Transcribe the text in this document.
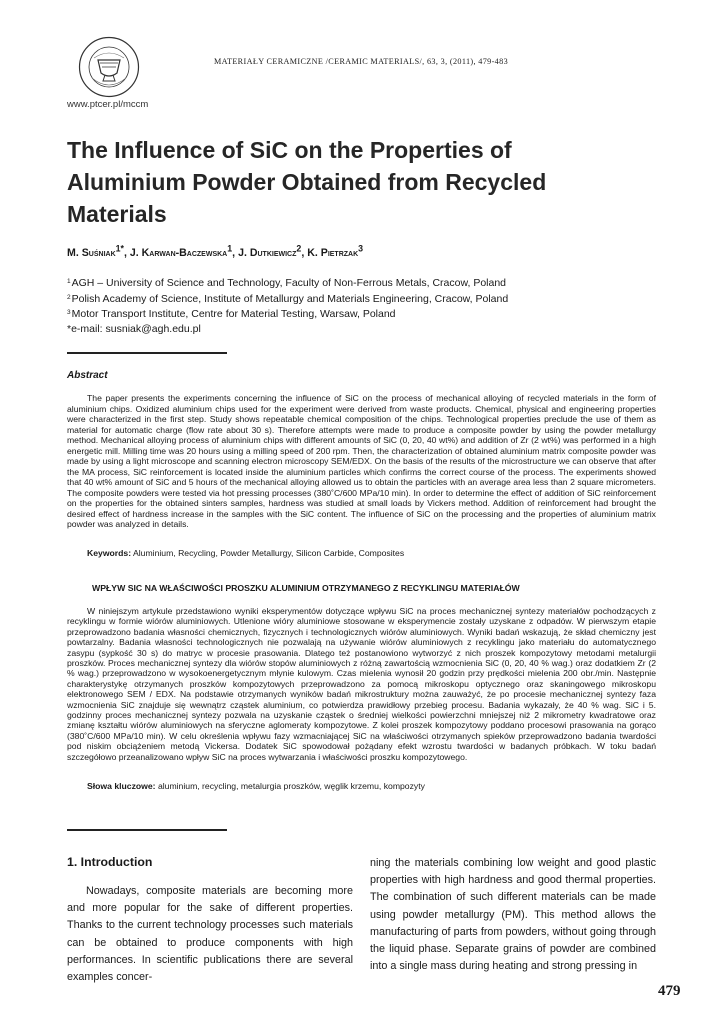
www.ptcer.pl/mccm
MATERIAŁY CERAMICZNE /CERAMIC MATERIALS/, 63, 3, (2011), 479-483
The Influence of SiC on the Properties of Aluminium Powder Obtained from Recycled Materials
M. Suśniak$^{1*}$, J. Karwan-Baczewska$^1$, J. Dutkiewicz$^2$, K. Pietrzak$^3$
$^1$AGH – University of Science and Technology, Faculty of Non-Ferrous Metals, Cracow, Poland
$^2$Polish Academy of Science, Institute of Metallurgy and Materials Engineering, Cracow, Poland
$^3$Motor Transport Institute, Centre for Material Testing, Warsaw, Poland
*e-mail: susniak@agh.edu.pl
Abstract

The paper presents the experiments concerning the influence of SiC on the process of mechanical alloying of recycled materials in the form of aluminium chips. Oxidized aluminium chips used for the experiment were derived from waste products. Chemical, physical and engineering properties were characterized in the first step. Study shows repeatable chemical composition of the chips. Technological properties preclude the use of them as material for automatic charge (flow rate about 30 s). Therefore attempts were made to produce a composite powder by using the powder metallurgy method. Mechanical alloying process of aluminium chips with different amounts of SiC (0, 20, 40 wt%) and addition of Zr (2 wt%) was performed in a high energetic mill. Milling time was 20 hours using a milling speed of 200 rpm. Then, the characterization of obtained aluminium matrix composite powder was made by using a light microscope and scanning electron microscopy SEM/EDX. On the basis of the results of the microstructure we can observe that after the MA process, SiC reinforcement is located inside the aluminium particles which confirms the correct course of the process. The experiments showed that 40 wt% amount of SiC and 5 hours of the mechanical alloying allowed us to obtain the particles with an average area less than 2 square micrometers. The composite powders were tested via hot pressing processes (380˚C/600 MPa/10 min). In order to determine the effect of addition of SiC reinforcement on the properties for the obtained sinters samples, hardness was studied at small loads by Vickers method. Addition of reinforcement had brought the desired effect of hardness increase in the samples with the SiC content. The influence of SiC on the processing and the properties of aluminium matrix powder was analyzed in details.

Keywords: Aluminium, Recycling, Powder Metallurgy, Silicon Carbide, Composites
WPŁYW SIC NA WŁAŚCIWOŚCI PROSZKU ALUMINIUM OTRZYMANEGO Z RECYKLINGU MATERIAŁÓW

W niniejszym artykule przedstawiono wyniki eksperymentów dotyczące wpływu SiC na proces mechanicznej syntezy materiałów pochodzących z recyklingu w formie wiórów aluminiowych. Utlenione wióry aluminiowe stosowane w eksperymencie zostały uzyskane z odpadów. W pierwszym etapie przeprowadzono badania własności chemicznych, fizycznych i technologicznych wiórów aluminiowych. Wyniki badań wskazują, że skład chemiczny jest powtarzalny. Badania własności technologicznych nie pozwalają na używanie wiórów aluminiowych z recyklingu jako materiału do automatycznego zasypu (sypkość 30 s) do matryc w procesie prasowania. Dlatego też postanowiono wytworzyć z nich proszek kompozytowy metodami metalurgii proszków. Proces mechanicznej syntezy dla wiórów stopów aluminiowych z różną zawartością wzmocnienia SiC (0, 20, 40 % wag.) oraz dodatkiem Zr (2 % wag.) przeprowadzono w wysokoenergetycznym młynie kulowym. Czas mielenia wynosił 20 godzin przy prędkości mielenia 200 obr./min. Następnie charakterystykę otrzymanych proszków kompozytowych przeprowadzono za pomocą mikroskopu optycznego oraz skaningowego mikroskopu elektronowego SEM / EDX. Na podstawie otrzymanych wyników badań mikrostruktury można zauważyć, że po procesie mechanicznej syntezy faza wzmocnienia SiC znajduje się wewnątrz cząstek aluminium, co potwierdza prawidłowy przebieg procesu. Badania wykazały, że 40 % wag. SiC i 5. godzinny proces mechanicznej syntezy pozwala na uzyskanie cząstek o średniej wielkości powierzchni mniejszej niż 2 mikrometry kwadratowe oraz zmianę kształtu wiórów aluminiowych na sferyczne aglomeraty kompozytowe. Z kolei proszek kompozytowy poddano procesowi prasowania na gorąco (380˚C/600 MPa/10 min). W celu określenia wpływu fazy wzmacniającej SiC na właściwości otrzymanych spieków przeprowadzono badania twardości pod niskim obciążeniem metodą Vickersa. Dodatek SiC spowodował pożądany efekt wzrostu twardości w badanych próbkach. W toku badań szczegółowo przeanalizowano wpływ SiC na proces wytwarzania i właściwości proszku kompozytowego.

Słowa kluczowe: aluminium, recycling, metalurgia proszków, węglik krzemu, kompozyty
1. Introduction

Nowadays, composite materials are becoming more and more popular for the sake of different properties. Thanks to the current technology processes such materials can be obtained to produce components with high performances. In scientific publications there are several examples concer-

ning the materials combining low weight and good plastic properties with high hardness and good thermal properties. The combination of such different materials can be made using powder metallurgy (PM). This method allows the manufacturing of parts from powders, without going through the liquid phase. Separate grains of powder are combined into a single mass during heating and strong pressing in

479
